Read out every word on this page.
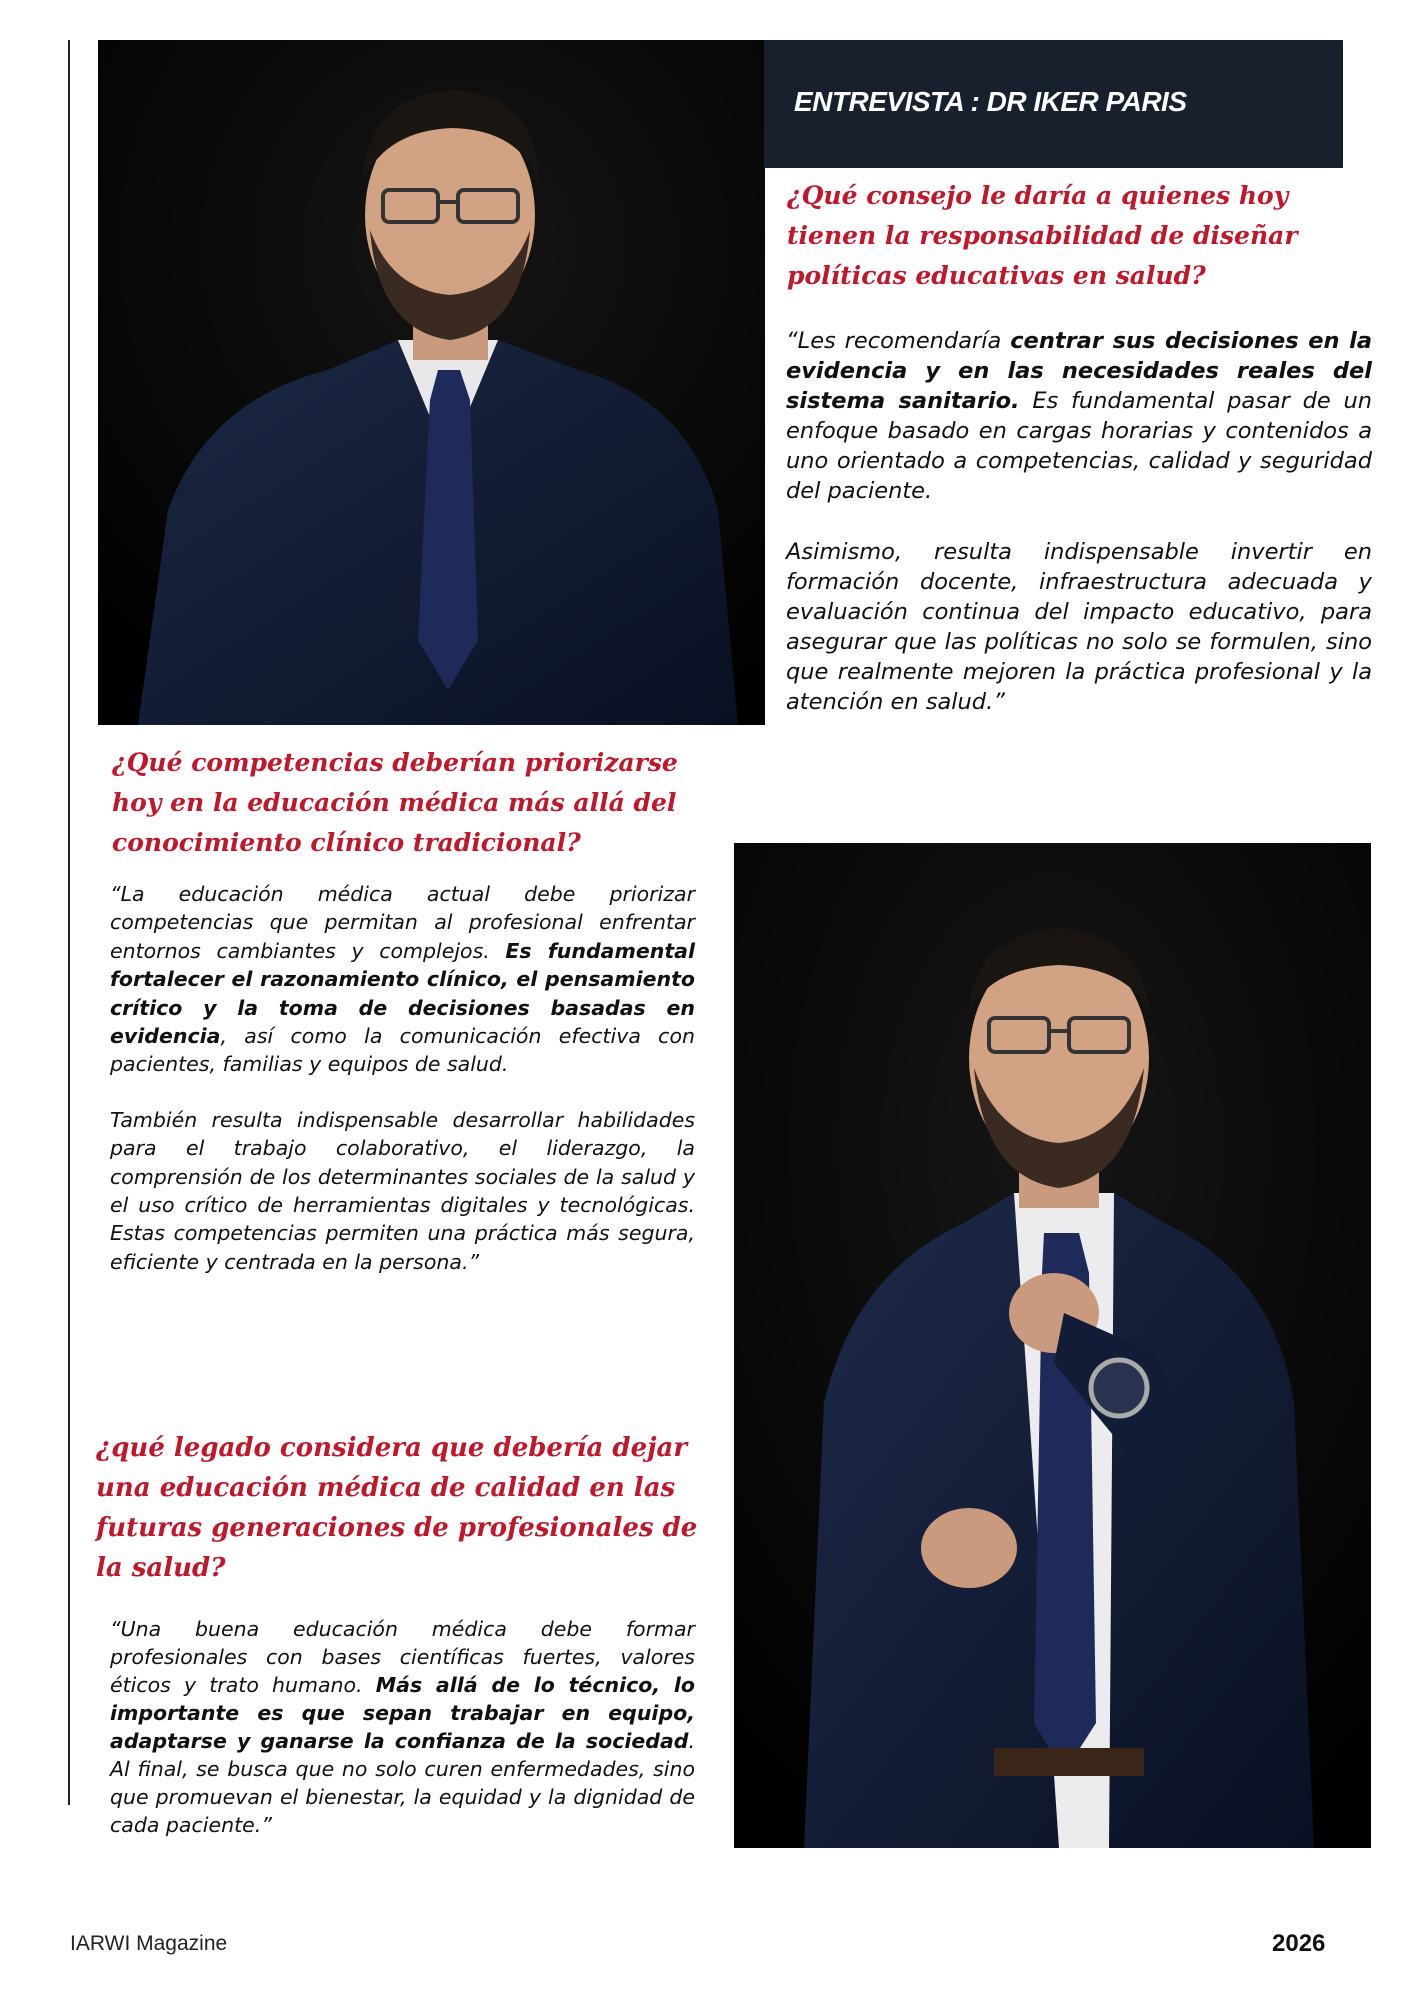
ENTREVISTA : DR IKER PARIS
¿Qué consejo le daría a quienes hoy tienen la responsabilidad de diseñar políticas educativas en salud?

“Les recomendaría centrar sus decisiones en la evidencia y en las necesidades reales del sistema sanitario. Es fundamental pasar de un enfoque basado en cargas horarias y contenidos a uno orientado a competencias, calidad y seguridad del paciente.

Asimismo, resulta indispensable invertir en formación docente, infraestructura adecuada y evaluación continua del impacto educativo, para asegurar que las políticas no solo se formulen, sino que realmente mejoren la práctica profesional y la atención en salud.”

¿Qué competencias deberían priorizarse hoy en la educación médica más allá del conocimiento clínico tradicional?

“La educación médica actual debe priorizar competencias que permitan al profesional enfrentar entornos cambiantes y complejos. Es fundamental fortalecer el razonamiento clínico, el pensamiento crítico y la toma de decisiones basadas en evidencia, así como la comunicación efectiva con pacientes, familias y equipos de salud.

También resulta indispensable desarrollar habilidades para el trabajo colaborativo, el liderazgo, la comprensión de los determinantes sociales de la salud y el uso crítico de herramientas digitales y tecnológicas. Estas competencias permiten una práctica más segura, eficiente y centrada en la persona.”

¿qué legado considera que debería dejar una educación médica de calidad en las futuras generaciones de profesionales de la salud?

“Una buena educación médica debe formar profesionales con bases científicas fuertes, valores éticos y trato humano. Más allá de lo técnico, lo importante es que sepan trabajar en equipo, adaptarse y ganarse la confianza de la sociedad. Al final, se busca que no solo curen enfermedades, sino que promuevan el bienestar, la equidad y la dignidad de cada paciente.”

IARWI Magazine	2026
